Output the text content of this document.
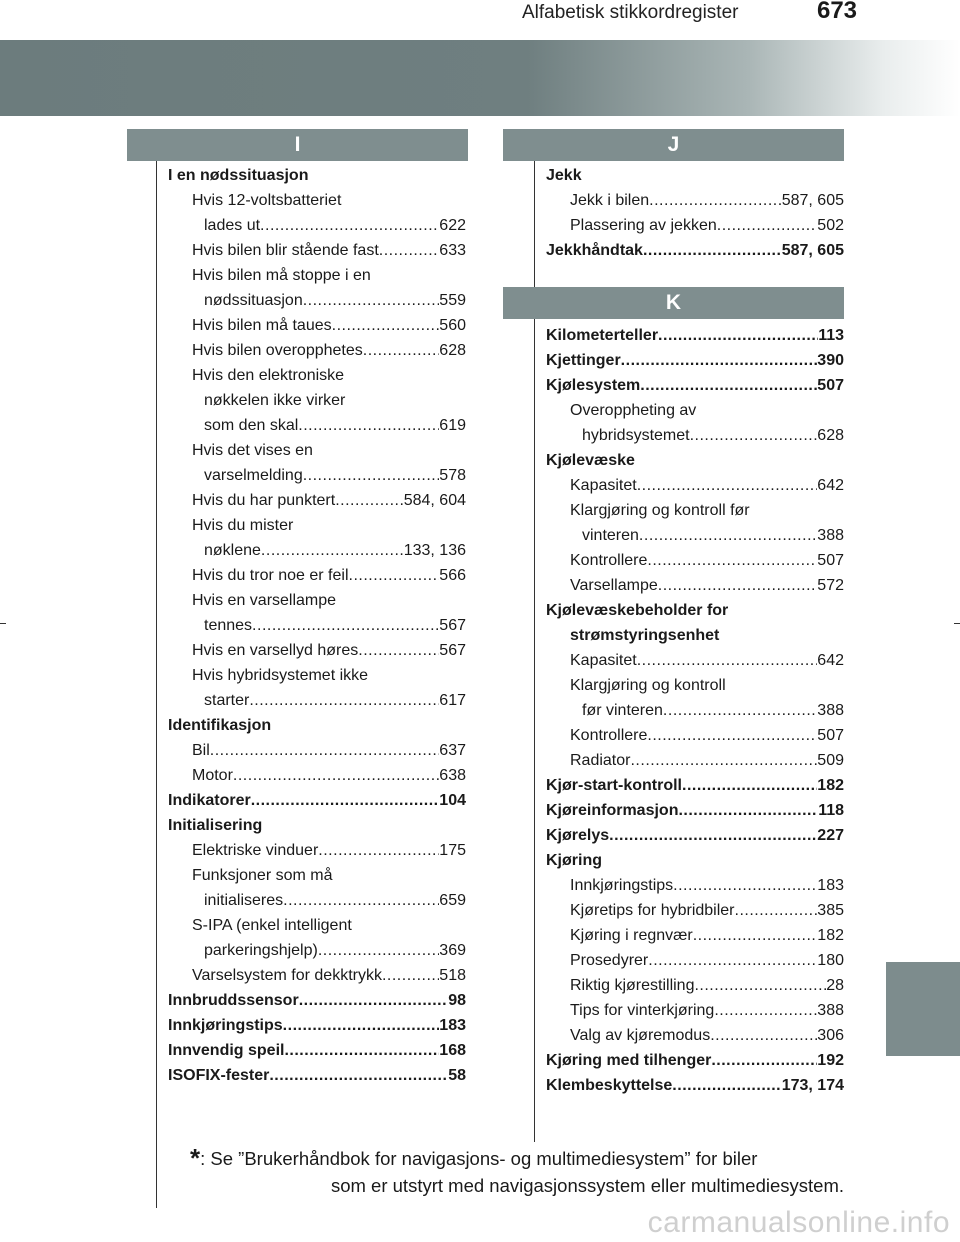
Alfabetisk stikkordregister	673
I	J
K
I en nødssituasjon
Hvis 12-voltsbatteriet
lades ut .....	622
Hvis bilen blir stående fast .....	633
Hvis bilen må stoppe i en
nødssituasjon .....	559
Hvis bilen må taues .....	560
Hvis bilen overopphetes .....	628
Hvis den elektroniske
nøkkelen ikke virker
som den skal .....	619
Hvis det vises en
varselmelding .....	578
Hvis du har punktert .....	584, 604
Hvis du mister
nøklene .....	133, 136
Hvis du tror noe er feil .....	566
Hvis en varsellampe
tennes .....	567
Hvis en varsellyd høres .....	567
Hvis hybridsystemet ikke
starter .....	617
Identifikasjon
Bil .....	637
Motor .....	638
Indikatorer .....	104
Initialisering
Elektriske vinduer .....	175
Funksjoner som må
initialiseres .....	659
S-IPA (enkel intelligent
parkeringshjelp) .....	369
Varselsystem for dekktrykk .....	518
Innbruddssensor .....	98
Innkjøringstips .....	183
Innvendig speil .....	168
ISOFIX-fester .....	58
Jekk
Jekk i bilen .....	587, 605
Plassering av jekken .....	502
Jekkhåndtak .....	587, 605
Kilometerteller .....	113
Kjettinger .....	390
Kjølesystem .....	507
Overoppheting av
hybridsystemet .....	628
Kjølevæske
Kapasitet .....	642
Klargjøring og kontroll før
vinteren .....	388
Kontrollere .....	507
Varsellampe .....	572
Kjølevæskebeholder for
strømstyringsenhet
Kapasitet .....	642
Klargjøring og kontroll
før vinteren .....	388
Kontrollere .....	507
Radiator .....	509
Kjør-start-kontroll .....	182
Kjøreinformasjon .....	118
Kjørelys .....	227
Kjøring
Innkjøringstips .....	183
Kjøretips for hybridbiler .....	385
Kjøring i regnvær .....	182
Prosedyrer .....	180
Riktig kjørestilling .....	28
Tips for vinterkjøring .....	388
Valg av kjøremodus .....	306
Kjøring med tilhenger .....	192
Klembeskyttelse .....	173, 174
*: Se ”Brukerhåndbok for navigasjons- og multimediesystem” for biler
som er utstyrt med navigasjonssystem eller multimediesystem.
carmanualsonline.info
